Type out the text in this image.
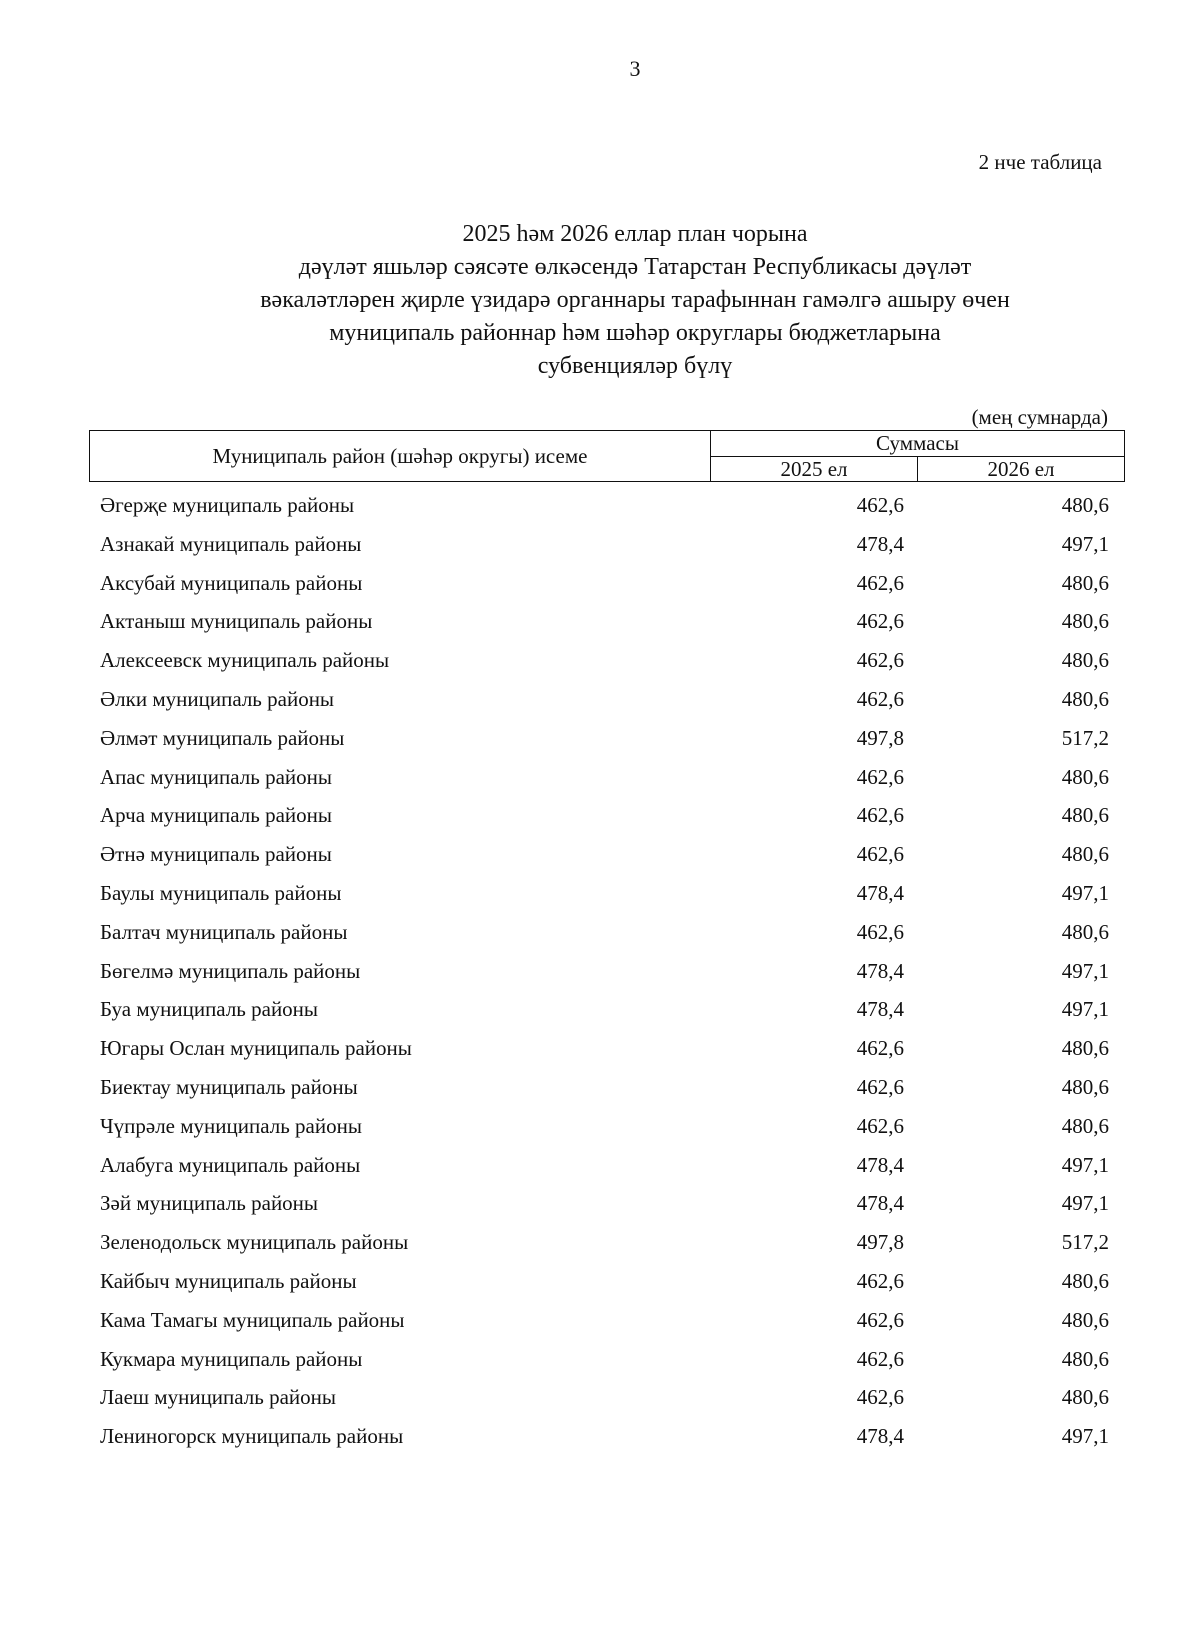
3
2 нче таблица
2025 һәм 2026 еллар план чорына
дәүләт яшьләр сәясәте өлкәсендә Татарстан Республикасы дәүләт
вәкаләтләрен җирле үзидарә органнары тарафыннан гамәлгә ашыру өчен
муниципаль районнар һәм шәһәр округлары бюджетларына
субвенцияләр бүлү
(мең сумнарда)
Муниципаль район (шәһәр округы) исеме	Суммасы	
	2025 ел	2026 ел
Әгерҗе муниципаль районы	462,6	480,6
Азнакай муниципаль районы	478,4	497,1
Аксубай муниципаль районы	462,6	480,6
Актаныш муниципаль районы	462,6	480,6
Алексеевск муниципаль районы	462,6	480,6
Әлки муниципаль районы	462,6	480,6
Әлмәт муниципаль районы	497,8	517,2
Апас муниципаль районы	462,6	480,6
Арча муниципаль районы	462,6	480,6
Әтнә муниципаль районы	462,6	480,6
Баулы муниципаль районы	478,4	497,1
Балтач муниципаль районы	462,6	480,6
Бөгелмә муниципаль районы	478,4	497,1
Буа муниципаль районы	478,4	497,1
Югары Ослан муниципаль районы	462,6	480,6
Биектау муниципаль районы	462,6	480,6
Чүпрәле муниципаль районы	462,6	480,6
Алабуга муниципаль районы	478,4	497,1
Зәй муниципаль районы	478,4	497,1
Зеленодольск муниципаль районы	497,8	517,2
Кайбыч муниципаль районы	462,6	480,6
Кама Тамагы муниципаль районы	462,6	480,6
Кукмара муниципаль районы	462,6	480,6
Лаеш муниципаль районы	462,6	480,6
Лениногорск муниципаль районы	478,4	497,1
